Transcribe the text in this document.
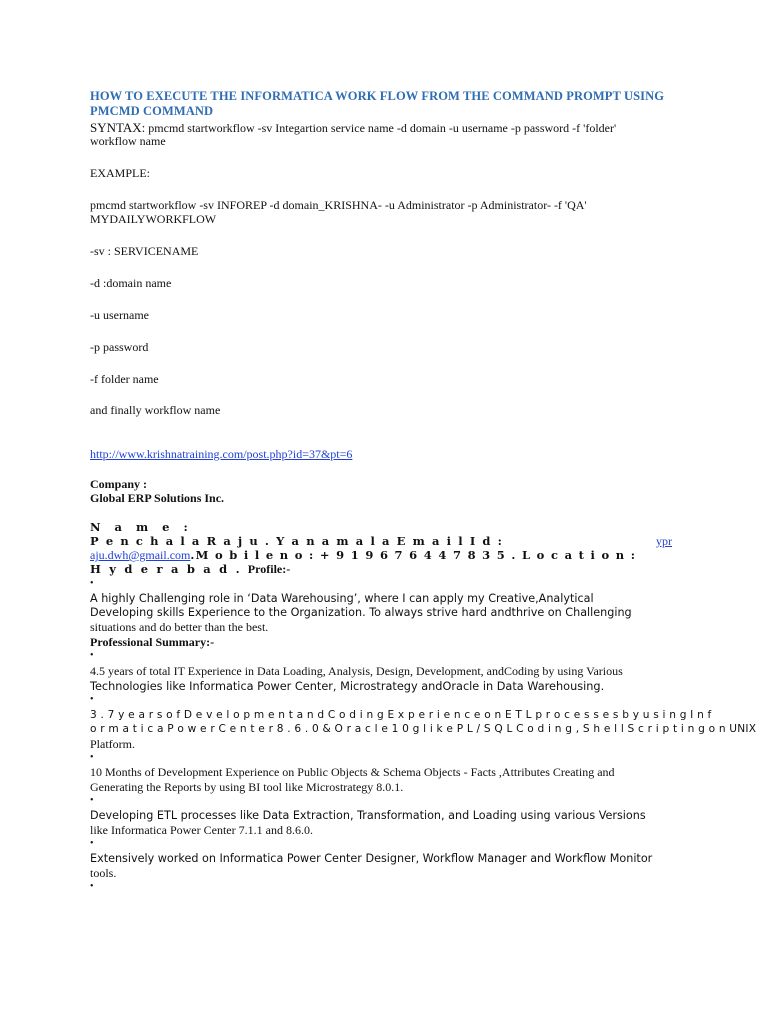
HOW TO EXECUTE THE INFORMATICA WORK FLOW FROM THE COMMAND PROMPT USING
PMCMD COMMAND
SYNTAX: pmcmd startworkflow -sv Integartion service name -d domain -u username -p password -f 'folder'
workflow name
EXAMPLE:
pmcmd startworkflow -sv INFOREP -d domain_KRISHNA- -u Administrator -p Administrator- -f 'QA'
MYDAILYWORKFLOW
-sv : SERVICENAME
-d :domain name
-u username
-p password
-f folder name
and finally workflow name
http://www.krishnatraining.com/post.php?id=37&pt=6
Company :
Global ERP Solutions Inc.
N a m e :
P e n c h a l a R a j u . Y a n a m a l a E m a i l I d :	ypr
aju.dwh@gmail.com.M o b i l e n o : + 9 1 9 6 7 6 4 4 7 8 3 5 . L o c a t i o n :
H y d e r a b a d . Profile:-
•
A highly Challenging role in ‘Data Warehousing’, where I can apply my Creative,Analytical
Developing skills Experience to the Organization. To always strive hard andthrive on Challenging
situations and do better than the best.
Professional Summary:-
•
4.5 years of total IT Experience in Data Loading, Analysis, Design, Development, andCoding by using Various
Technologies like Informatica Power Center, Microstrategy andOracle in Data Warehousing.
•
3 . 7 y e a r s o f D e v e l o p m e n t a n d C o d i n g E x p e r i e n c e o n E T L p r o c e s s e s b y u s i n g I n f
o r m a t i c a P o w e r C e n t e r 8 . 6 . 0 & O r a c l e 1 0 g l i k e P L / S Q L C o d i n g , S h e l l S c r i p t i n g o n UNIX
Platform.
•
10 Months of Development Experience on Public Objects & Schema Objects - Facts ,Attributes Creating and
Generating the Reports by using BI tool like Microstrategy 8.0.1.
•
Developing ETL processes like Data Extraction, Transformation, and Loading using various Versions
like Informatica Power Center 7.1.1 and 8.6.0.
•
Extensively worked on Informatica Power Center Designer, Workflow Manager and Workflow Monitor
tools.
•
